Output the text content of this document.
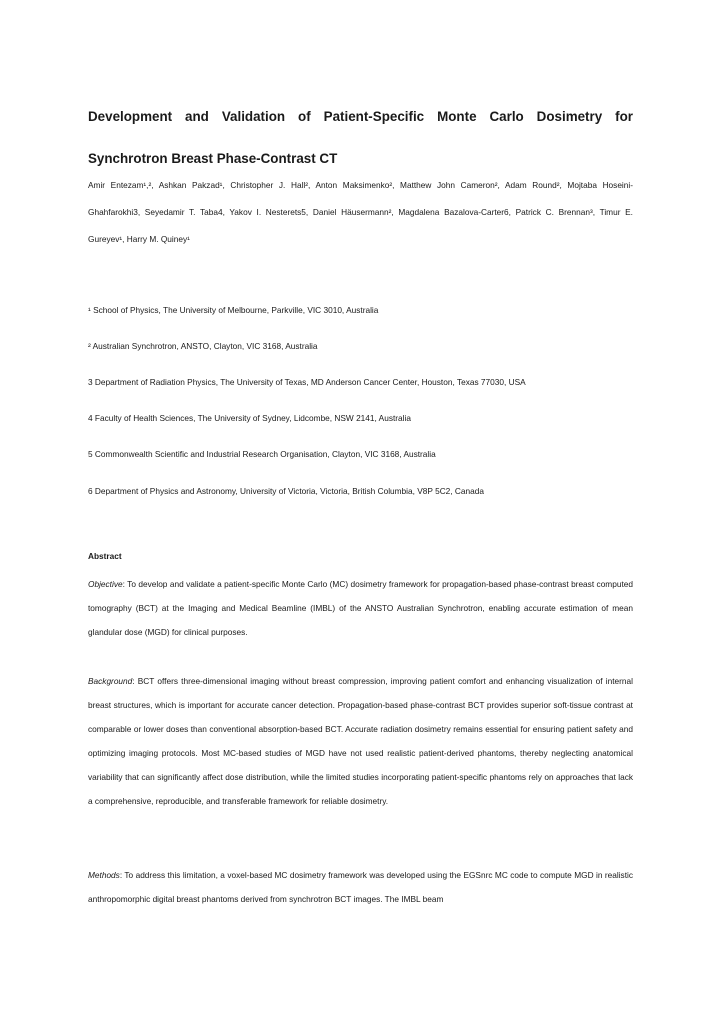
Development and Validation of Patient-Specific Monte Carlo Dosimetry for Synchrotron Breast Phase-Contrast CT

Amir Entezam¹,², Ashkan Pakzad¹, Christopher J. Hall², Anton Maksimenko², Matthew John Cameron², Adam Round², Mojtaba Hoseini-Ghahfarokhi3, Seyedamir T. Taba4, Yakov I. Nesterets5, Daniel Häusermann², Magdalena Bazalova-Carter6, Patrick C. Brennan³, Timur E. Gureyev¹, Harry M. Quiney¹

¹ School of Physics, The University of Melbourne, Parkville, VIC 3010, Australia

² Australian Synchrotron, ANSTO, Clayton, VIC 3168, Australia

3 Department of Radiation Physics, The University of Texas, MD Anderson Cancer Center, Houston, Texas 77030, USA

4 Faculty of Health Sciences, The University of Sydney, Lidcombe, NSW 2141, Australia

5 Commonwealth Scientific and Industrial Research Organisation, Clayton, VIC 3168, Australia

6 Department of Physics and Astronomy, University of Victoria, Victoria, British Columbia, V8P 5C2, Canada

Abstract

Objective: To develop and validate a patient-specific Monte Carlo (MC) dosimetry framework for propagation-based phase-contrast breast computed tomography (BCT) at the Imaging and Medical Beamline (IMBL) of the ANSTO Australian Synchrotron, enabling accurate estimation of mean glandular dose (MGD) for clinical purposes.

Background: BCT offers three-dimensional imaging without breast compression, improving patient comfort and enhancing visualization of internal breast structures, which is important for accurate cancer detection. Propagation-based phase-contrast BCT provides superior soft-tissue contrast at comparable or lower doses than conventional absorption-based BCT. Accurate radiation dosimetry remains essential for ensuring patient safety and optimizing imaging protocols. Most MC-based studies of MGD have not used realistic patient-derived phantoms, thereby neglecting anatomical variability that can significantly affect dose distribution, while the limited studies incorporating patient-specific phantoms rely on approaches that lack a comprehensive, reproducible, and transferable framework for reliable dosimetry.

Methods: To address this limitation, a voxel-based MC dosimetry framework was developed using the EGSnrc MC code to compute MGD in realistic anthropomorphic digital breast phantoms derived from synchrotron BCT images. The IMBL beam
